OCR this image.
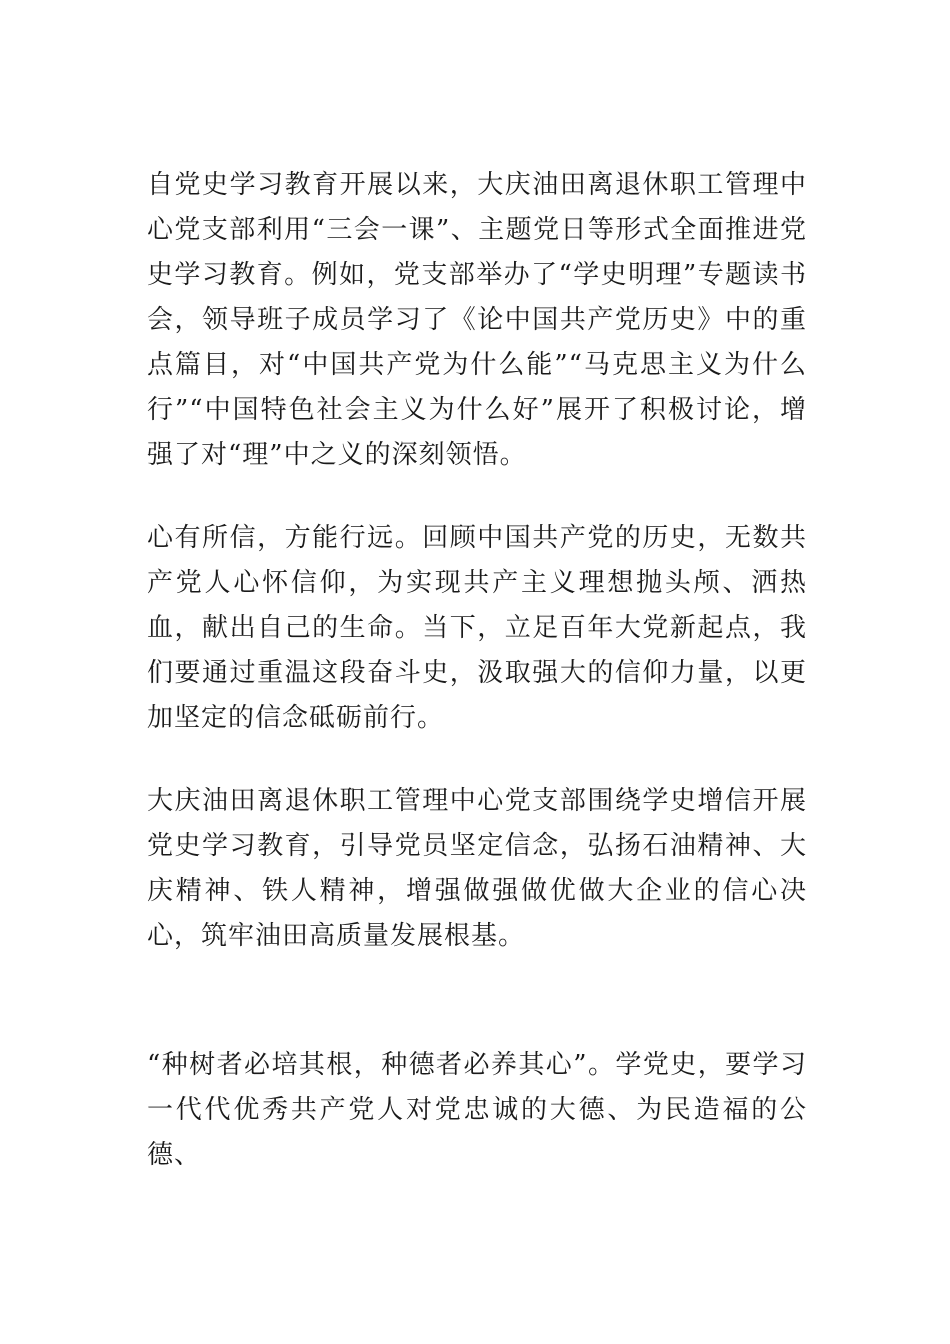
自党史学习教育开展以来，大庆油田离退休职工管理中心党支部利用“三会一课”、主题党日等形式全面推进党史学习教育。例如，党支部举办了“学史明理”专题读书会，领导班子成员学习了《论中国共产党历史》中的重点篇目，对“中国共产党为什么能”“马克思主义为什么行”“中国特色社会主义为什么好”展开了积极讨论，增强了对“理”中之义的深刻领悟。

心有所信，方能行远。回顾中国共产党的历史，无数共产党人心怀信仰，为实现共产主义理想抛头颅、洒热血，献出自己的生命。当下，立足百年大党新起点，我们要通过重温这段奋斗史，汲取强大的信仰力量，以更加坚定的信念砥砺前行。

大庆油田离退休职工管理中心党支部围绕学史增信开展党史学习教育，引导党员坚定信念，弘扬石油精神、大庆精神、铁人精神，增强做强做优做大企业的信心决心，筑牢油田高质量发展根基。

“种树者必培其根，种德者必养其心”。学党史，要学习一代代优秀共产党人对党忠诚的大德、为民造福的公德、
